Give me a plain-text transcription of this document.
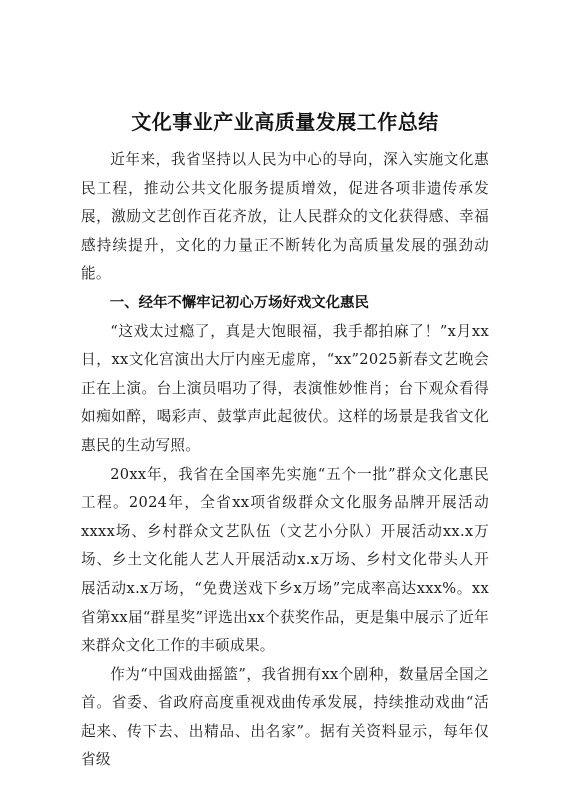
文化事业产业高质量发展工作总结

近年来，我省坚持以人民为中心的导向，深入实施文化惠民工程，推动公共文化服务提质增效，促进各项非遗传承发展，激励文艺创作百花齐放，让人民群众的文化获得感、幸福感持续提升，文化的力量正不断转化为高质量发展的强劲动能。

一、经年不懈牢记初心万场好戏文化惠民

“这戏太过瘾了，真是大饱眼福，我手都拍麻了！”x月xx日，xx文化宫演出大厅内座无虚席，“xx”2025新春文艺晚会正在上演。台上演员唱功了得，表演惟妙惟肖；台下观众看得如痴如醉，喝彩声、鼓掌声此起彼伏。这样的场景是我省文化惠民的生动写照。

20xx年，我省在全国率先实施“五个一批”群众文化惠民工程。2024年，全省xx项省级群众文化服务品牌开展活动xxxx场、乡村群众文艺队伍（文艺小分队）开展活动xx.x万场、乡土文化能人艺人开展活动x.x万场、乡村文化带头人开展活动x.x万场，“免费送戏下乡x万场”完成率高达xxx%。xx省第xx届“群星奖”评选出xx个获奖作品，更是集中展示了近年来群众文化工作的丰硕成果。

作为“中国戏曲摇篮”，我省拥有xx个剧种，数量居全国之首。省委、省政府高度重视戏曲传承发展，持续推动戏曲“活起来、传下去、出精品、出名家”。据有关资料显示，每年仅省级
